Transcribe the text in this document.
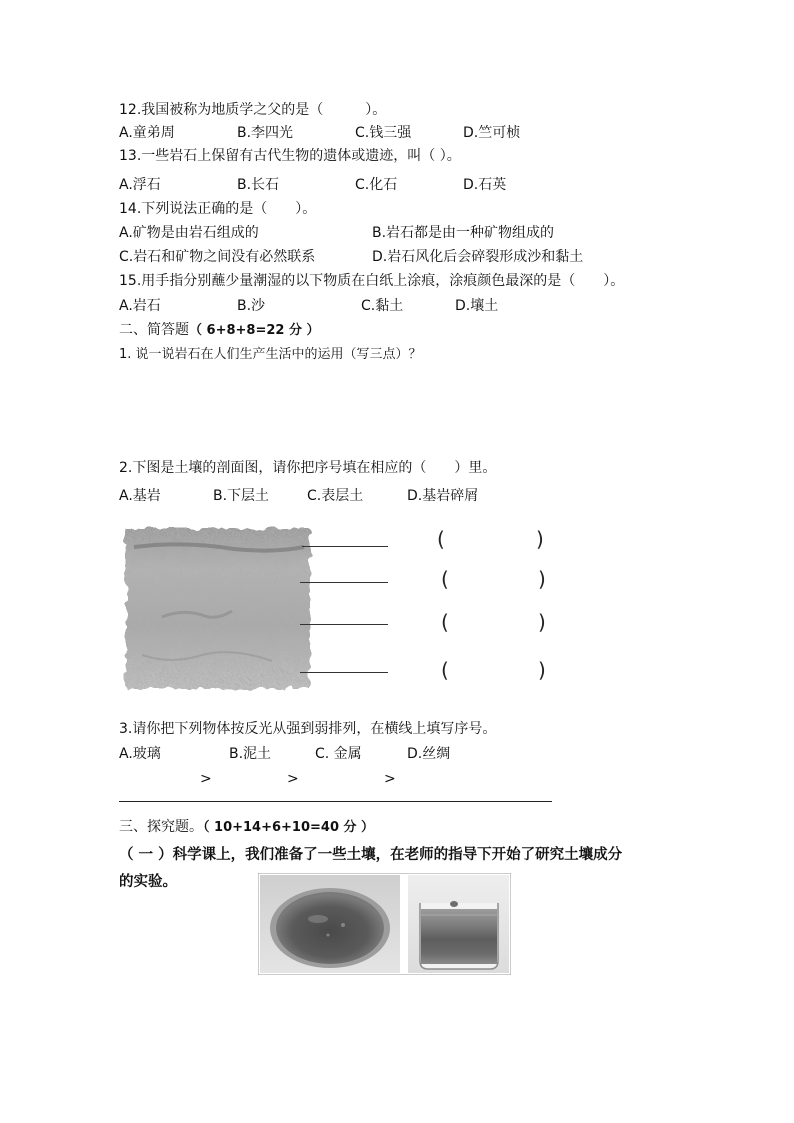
12.我国被称为地质学之父的是（　　　）。
A.童弟周	B.李四光	C.钱三强	D.竺可桢
13.一些岩石上保留有古代生物的遗体或遗迹，叫（ ）。
A.浮石	B.长石	C.化石	D.石英
14.下列说法正确的是（　　）。
A.矿物是由岩石组成的	B.岩石都是由一种矿物组成的
C.岩石和矿物之间没有必然联系	D.岩石风化后会碎裂形成沙和黏土
15.用手指分别蘸少量潮湿的以下物质在白纸上涂痕，涂痕颜色最深的是（　　）。
A.岩石	B.沙	C.黏土	D.壤土
二、简答题（ 6+8+8=22 分 ）
1. 说一说岩石在人们生产生活中的运用（写三点）？
2.下图是土壤的剖面图，请你把序号填在相应的（　　）里。
A.基岩	B.下层土	C.表层土	D.基岩碎屑
(	)
(	)
(	)
(	)
3.请你把下列物体按反光从强到弱排列，在横线上填写序号。
A.玻璃	B.泥土	C. 金属	D.丝绸
>	>	>
三、探究题。（ 10+14+6+10=40 分 ）
（ 一 ）科学课上，我们准备了一些土壤，在老师的指导下开始了研究土壤成分
的实验。
